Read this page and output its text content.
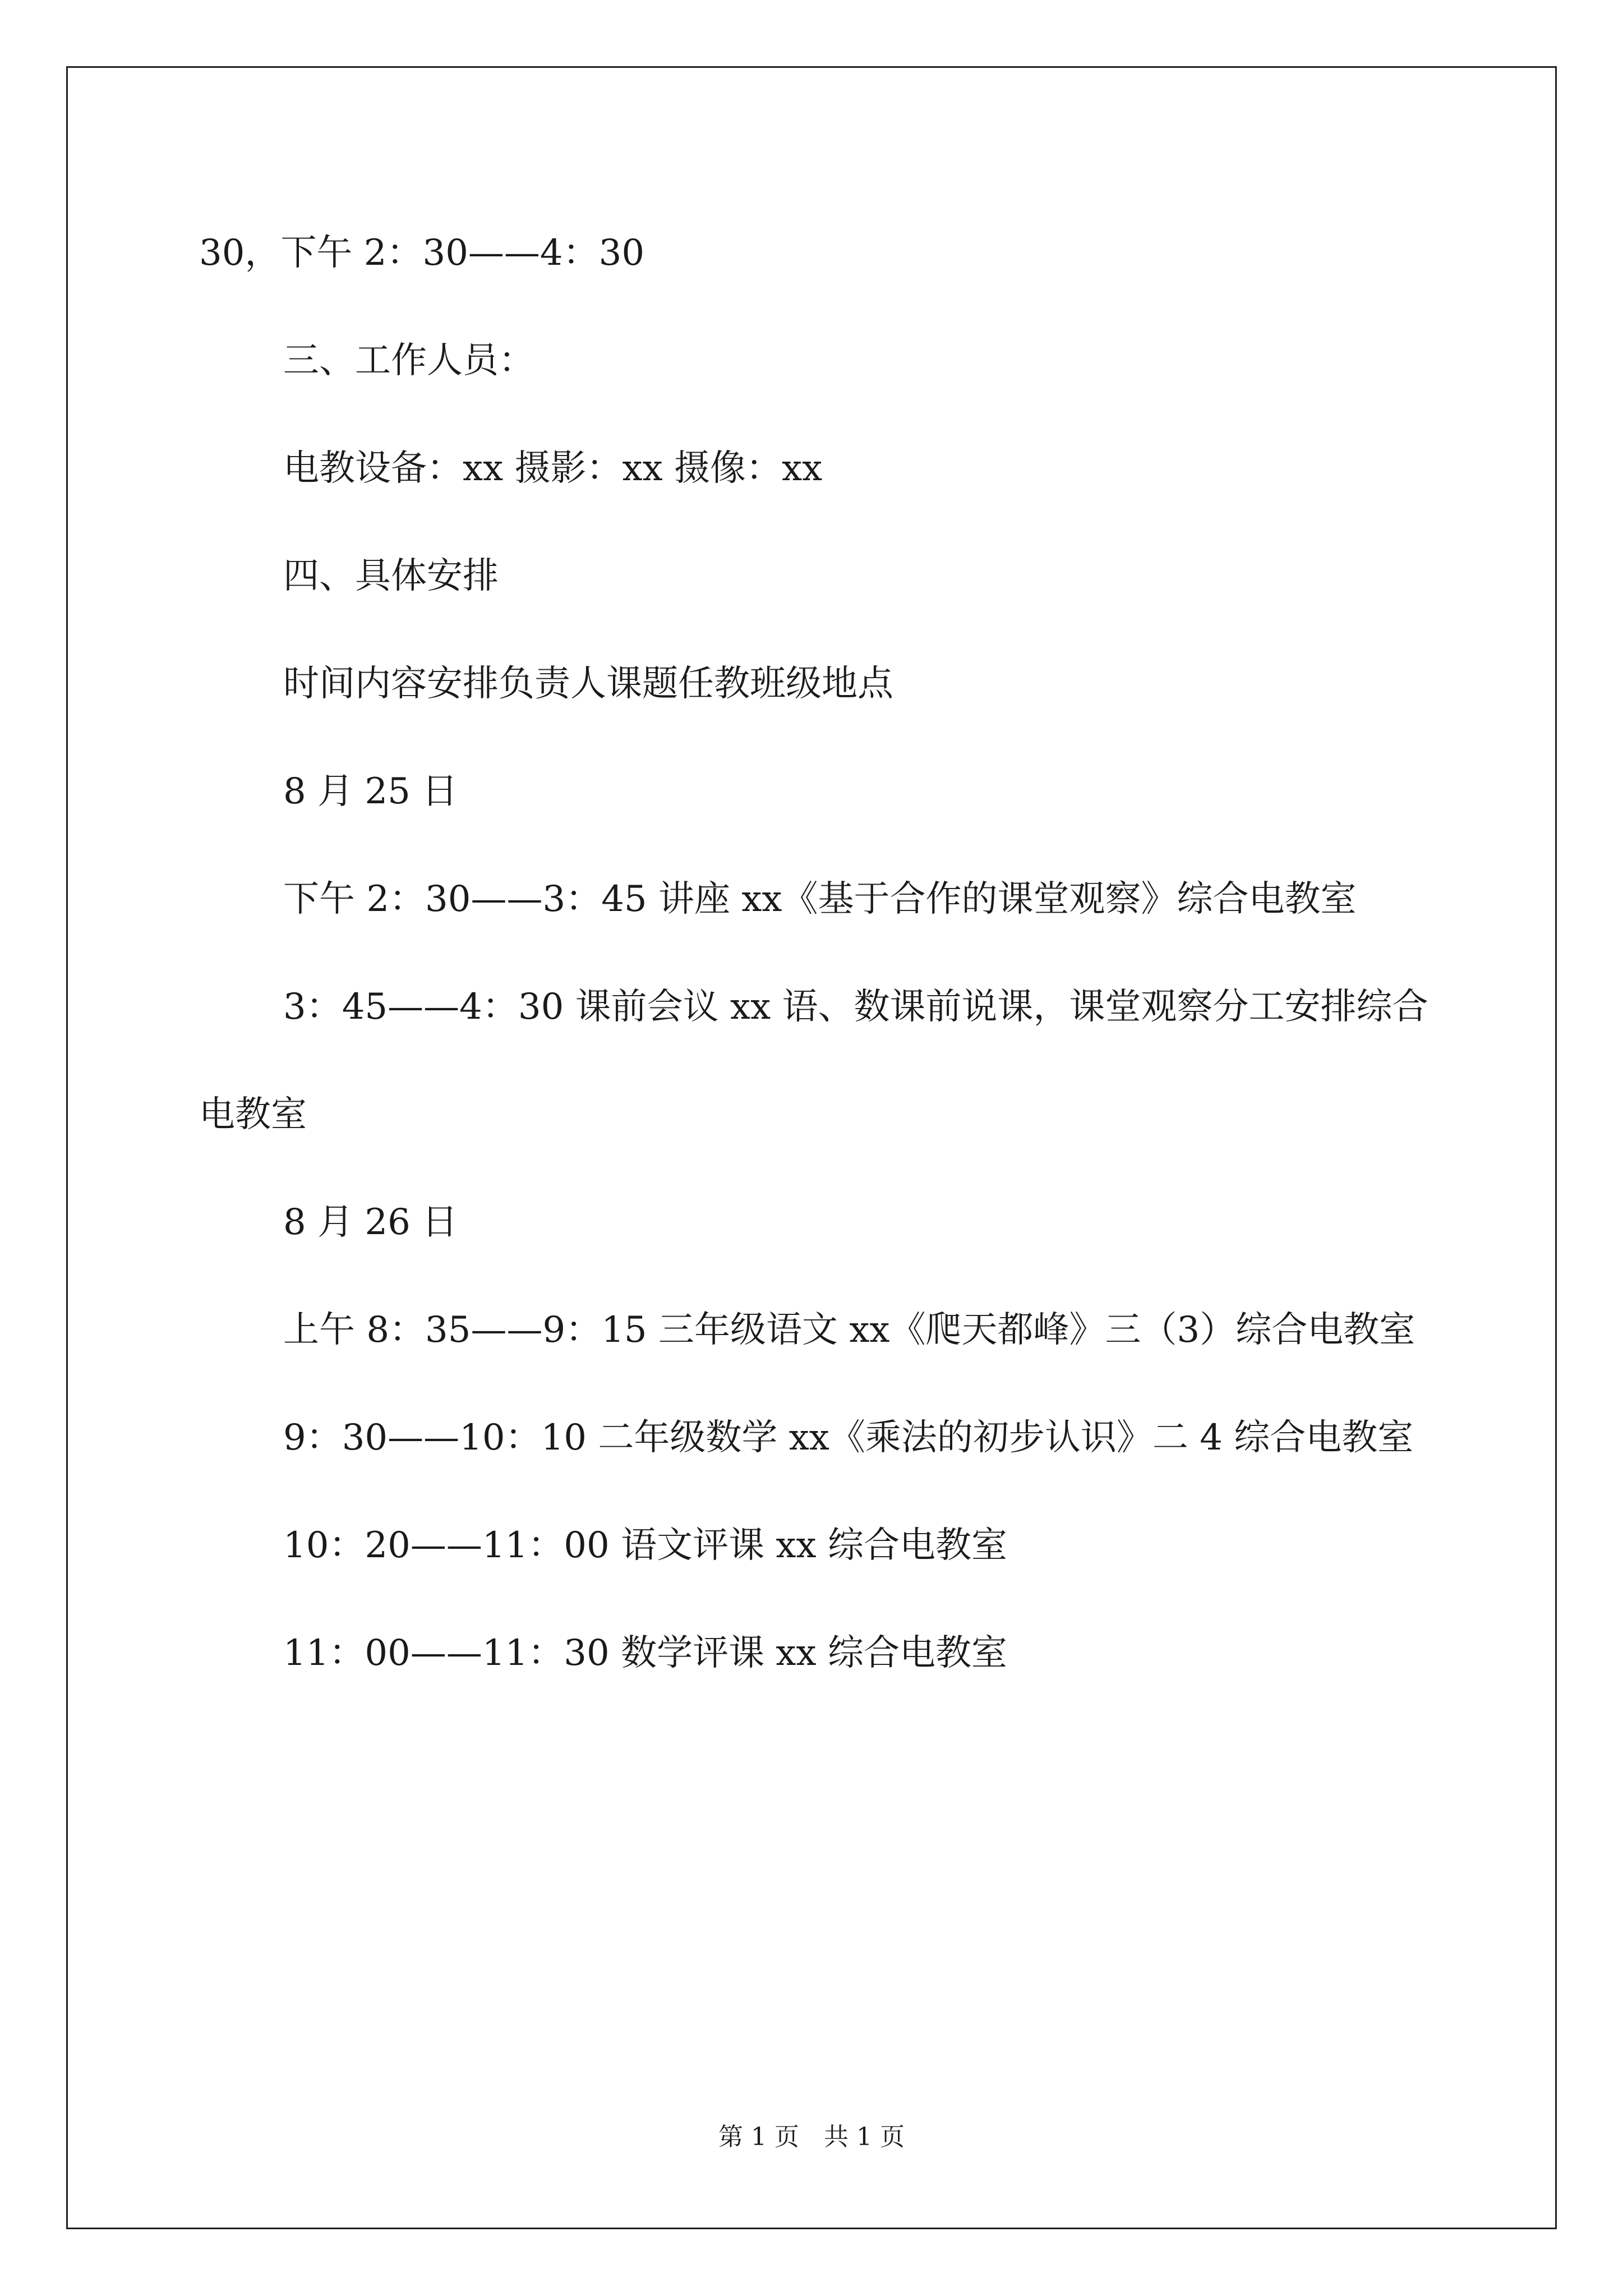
30，下午 2：30——4：30

三、工作人员：

电教设备：xx 摄影：xx 摄像：xx

四、具体安排

时间内容安排负责人课题任教班级地点

8 月 25 日

下午 2：30——3：45 讲座 xx《基于合作的课堂观察》综合电教室

3：45——4：30 课前会议 xx 语、数课前说课，课堂观察分工安排综合电教室

8 月 26 日

上午 8：35——9：15 三年级语文 xx《爬天都峰》三（3）综合电教室

9：30——10：10 二年级数学 xx《乘法的初步认识》二 4 综合电教室

10：20——11：00 语文评课 xx 综合电教室

11：00——11：30 数学评课 xx 综合电教室

第 1 页　共 1 页
